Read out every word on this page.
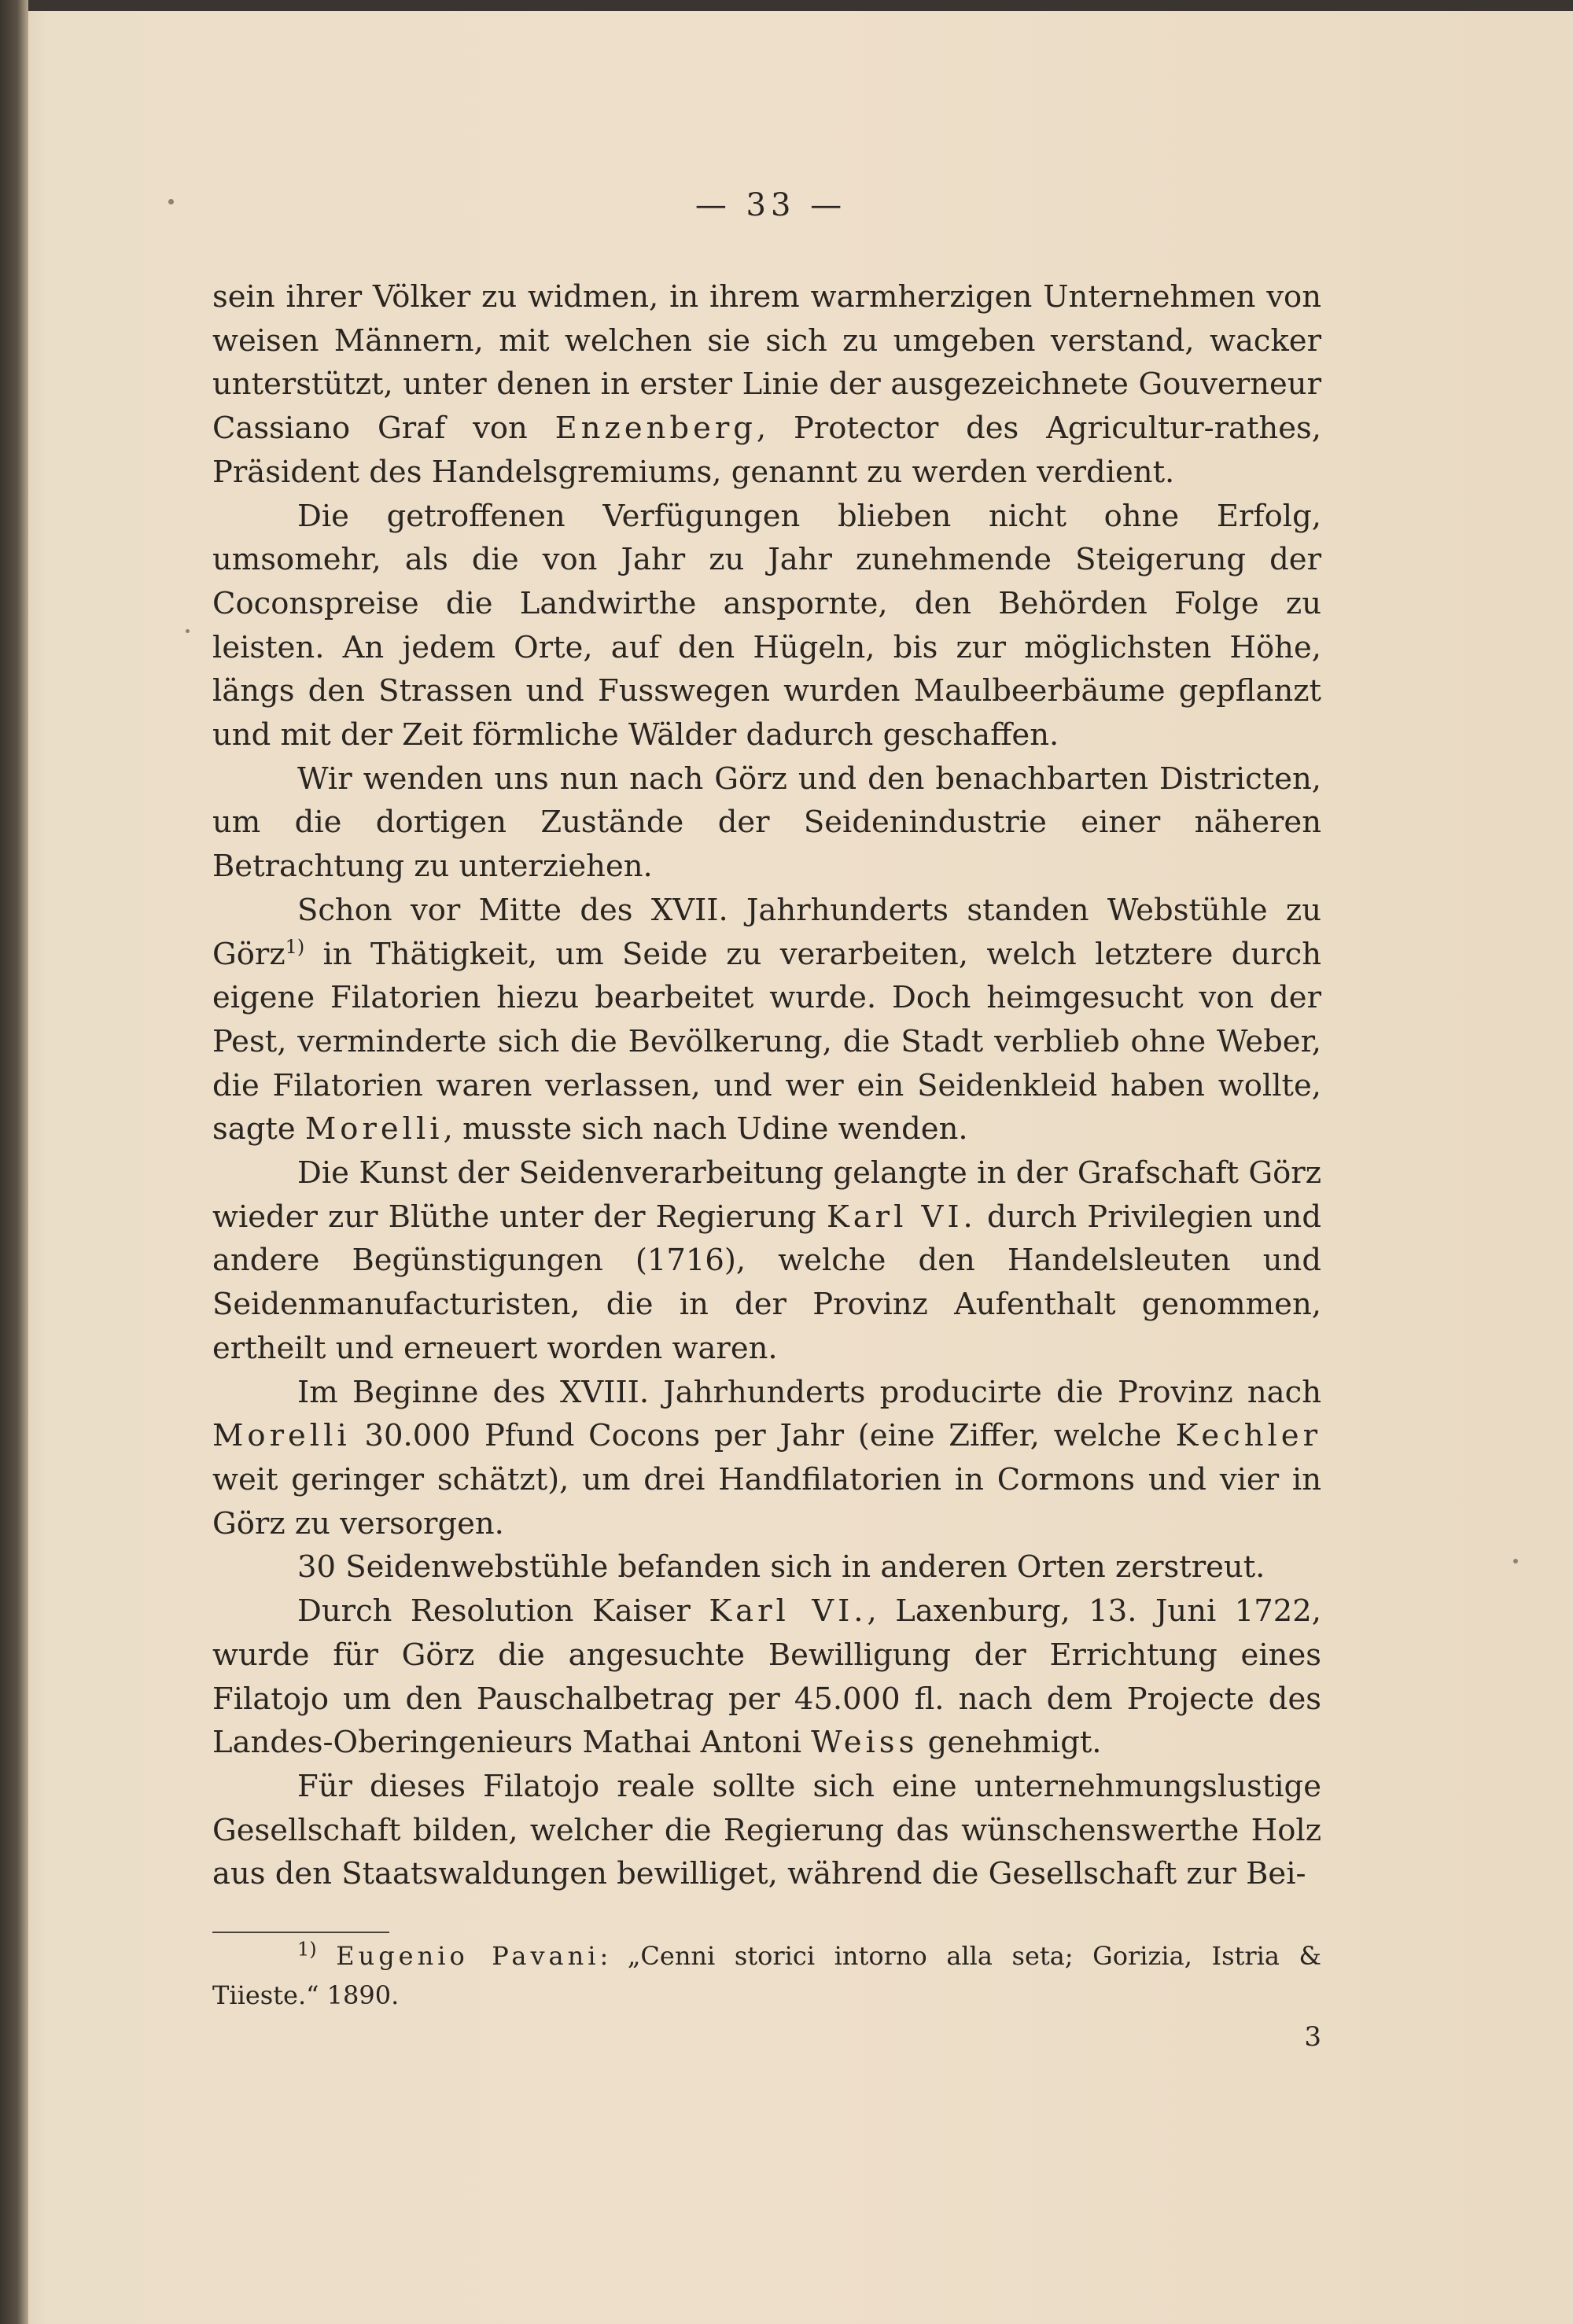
— 33 —

sein ihrer Völker zu widmen, in ihrem warmherzigen Unternehmen von weisen Männern, mit welchen sie sich zu umgeben verstand, wacker unterstützt, unter denen in erster Linie der ausgezeichnete Gouverneur Cassiano Graf von Enzenberg, Protector des Agricultur-rathes, Präsident des Handelsgremiums, genannt zu werden verdient.

Die getroffenen Verfügungen blieben nicht ohne Erfolg, umsomehr, als die von Jahr zu Jahr zunehmende Steigerung der Coconspreise die Landwirthe anspornte, den Behörden Folge zu leisten. An jedem Orte, auf den Hügeln, bis zur möglichsten Höhe, längs den Strassen und Fusswegen wurden Maulbeerbäume gepflanzt und mit der Zeit förmliche Wälder dadurch geschaffen.

Wir wenden uns nun nach Görz und den benachbarten Districten, um die dortigen Zustände der Seidenindustrie einer näheren Betrachtung zu unterziehen.

Schon vor Mitte des XVII. Jahrhunderts standen Webstühle zu Görz$^{1)}$ in Thätigkeit, um Seide zu verarbeiten, welch letztere durch eigene Filatorien hiezu bearbeitet wurde. Doch heimgesucht von der Pest, verminderte sich die Bevölkerung, die Stadt verblieb ohne Weber, die Filatorien waren verlassen, und wer ein Seidenkleid haben wollte, sagte Morelli, musste sich nach Udine wenden.

Die Kunst der Seidenverarbeitung gelangte in der Grafschaft Görz wieder zur Blüthe unter der Regierung Karl VI. durch Privilegien und andere Begünstigungen (1716), welche den Handelsleuten und Seidenmanufacturisten, die in der Provinz Aufenthalt genommen, ertheilt und erneuert worden waren.

Im Beginne des XVIII. Jahrhunderts producirte die Provinz nach Morelli 30.000 Pfund Cocons per Jahr (eine Ziffer, welche Kechler weit geringer schätzt), um drei Handfilatorien in Cormons und vier in Görz zu versorgen.

30 Seidenwebstühle befanden sich in anderen Orten zerstreut.

Durch Resolution Kaiser Karl VI., Laxenburg, 13. Juni 1722, wurde für Görz die angesuchte Bewilligung der Errichtung eines Filatojo um den Pauschalbetrag per 45.000 fl. nach dem Projecte des Landes-Oberingenieurs Mathai Antoni Weiss genehmigt.

Für dieses Filatojo reale sollte sich eine unternehmungslustige Gesellschaft bilden, welcher die Regierung das wünschenswerthe Holz aus den Staatswaldungen bewilliget, während die Gesellschaft zur Bei-

$^{1)}$ Eugenio Pavani: „Cenni storici intorno alla seta; Gorizia, Istria & Tiieste.“ 1890.
3
